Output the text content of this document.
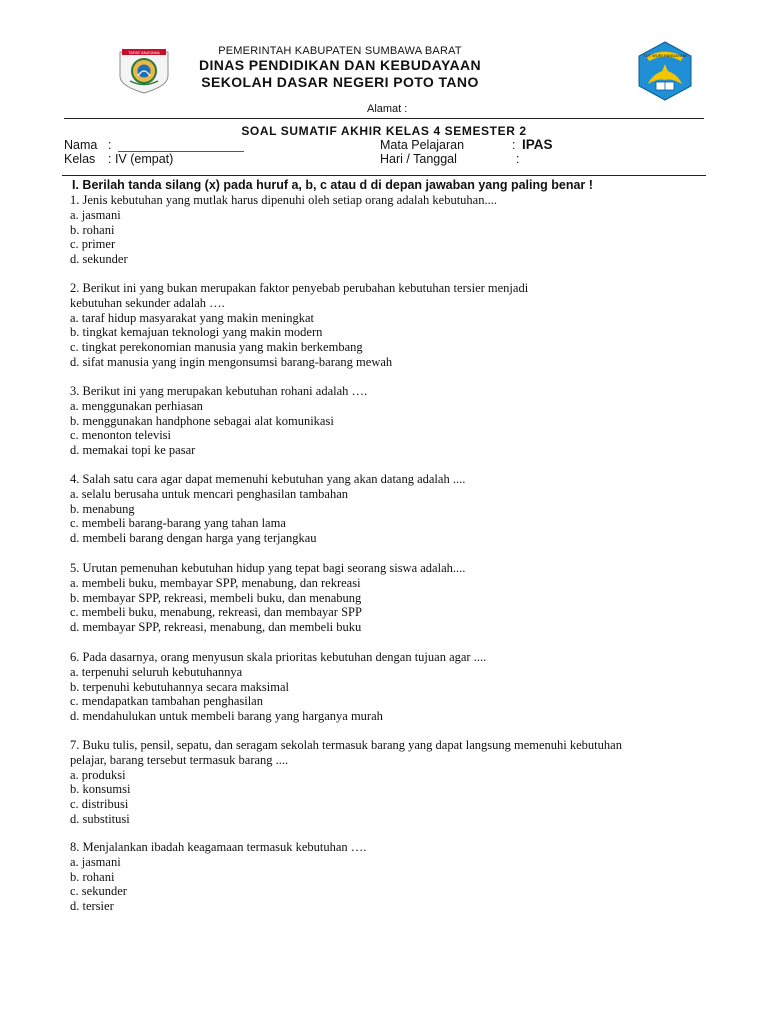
TAPAT ANATAWA	PEMERINTAH KABUPATEN SUMBAWA BARAT
DINAS PENDIDIKAN DAN KEBUDAYAAN
SEKOLAH DASAR NEGERI POTO TANO
TUT WURI HANDAYANI
Alamat :
SOAL SUMATIF AKHIR KELAS 4 SEMESTER 2
Nama :
Kelas : IV (empat)
Mata Pelajaran	: IPAS
Hari / Tanggal	:
I. Berilah tanda silang (x) pada huruf a, b, c atau d di depan jawaban yang paling benar !
1. Jenis kebutuhan yang mutlak harus dipenuhi oleh setiap orang adalah kebutuhan....
a. jasmani
b. rohani
c. primer
d. sekunder
2. Berikut ini yang bukan merupakan faktor penyebab perubahan kebutuhan tersier menjadi
kebutuhan sekunder adalah ….
a. taraf hidup masyarakat yang makin meningkat
b. tingkat kemajuan teknologi yang makin modern
c. tingkat perekonomian manusia yang makin berkembang
d. sifat manusia yang ingin mengonsumsi barang-barang mewah
3. Berikut ini yang merupakan kebutuhan rohani adalah ….
a. menggunakan perhiasan
b. menggunakan handphone sebagai alat komunikasi
c. menonton televisi
d. memakai topi ke pasar
4. Salah satu cara agar dapat memenuhi kebutuhan yang akan datang adalah ....
a. selalu berusaha untuk mencari penghasilan tambahan
b. menabung
c. membeli barang-barang yang tahan lama
d. membeli barang dengan harga yang terjangkau
5. Urutan pemenuhan kebutuhan hidup yang tepat bagi seorang siswa adalah....
a. membeli buku, membayar SPP, menabung, dan rekreasi
b. membayar SPP, rekreasi, membeli buku, dan menabung
c. membeli buku, menabung, rekreasi, dan membayar SPP
d. membayar SPP, rekreasi, menabung, dan membeli buku
6. Pada dasarnya, orang menyusun skala prioritas kebutuhan dengan tujuan agar ....
a. terpenuhi seluruh kebutuhannya
b. terpenuhi kebutuhannya secara maksimal
c. mendapatkan tambahan penghasilan
d. mendahulukan untuk membeli barang yang harganya murah
7. Buku tulis, pensil, sepatu, dan seragam sekolah termasuk barang yang dapat langsung memenuhi kebutuhan
pelajar, barang tersebut termasuk barang ....
a. produksi
b. konsumsi
c. distribusi
d. substitusi
8. Menjalankan ibadah keagamaan termasuk kebutuhan ….
a. jasmani
b. rohani
c. sekunder
d. tersier
